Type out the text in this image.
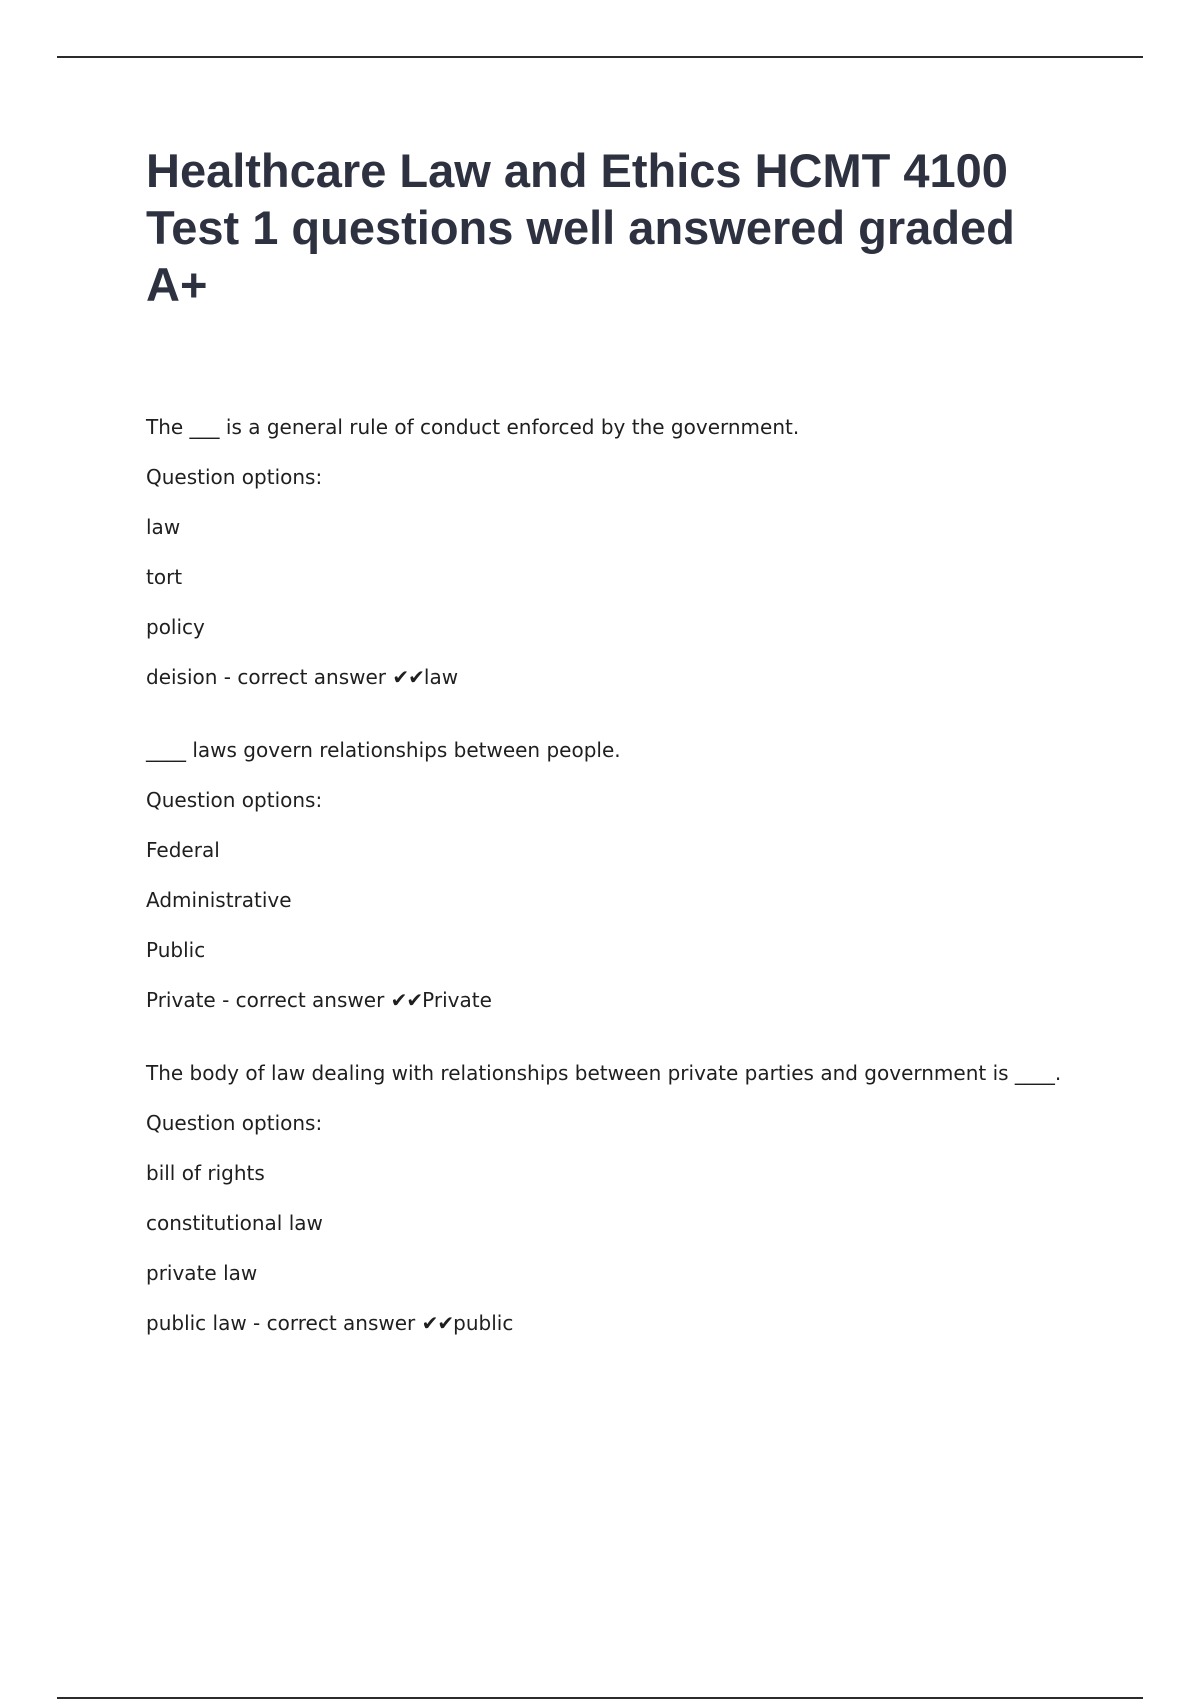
Healthcare Law and Ethics HCMT 4100
Test 1 questions well answered graded
A+

The ___ is a general rule of conduct enforced by the government.

Question options:

law

tort

policy

deision - correct answer ✔✔law

____ laws govern relationships between people.

Question options:

Federal

Administrative

Public

Private - correct answer ✔✔Private

The body of law dealing with relationships between private parties and government is ____.

Question options:

bill of rights

constitutional law

private law

public law - correct answer ✔✔public
